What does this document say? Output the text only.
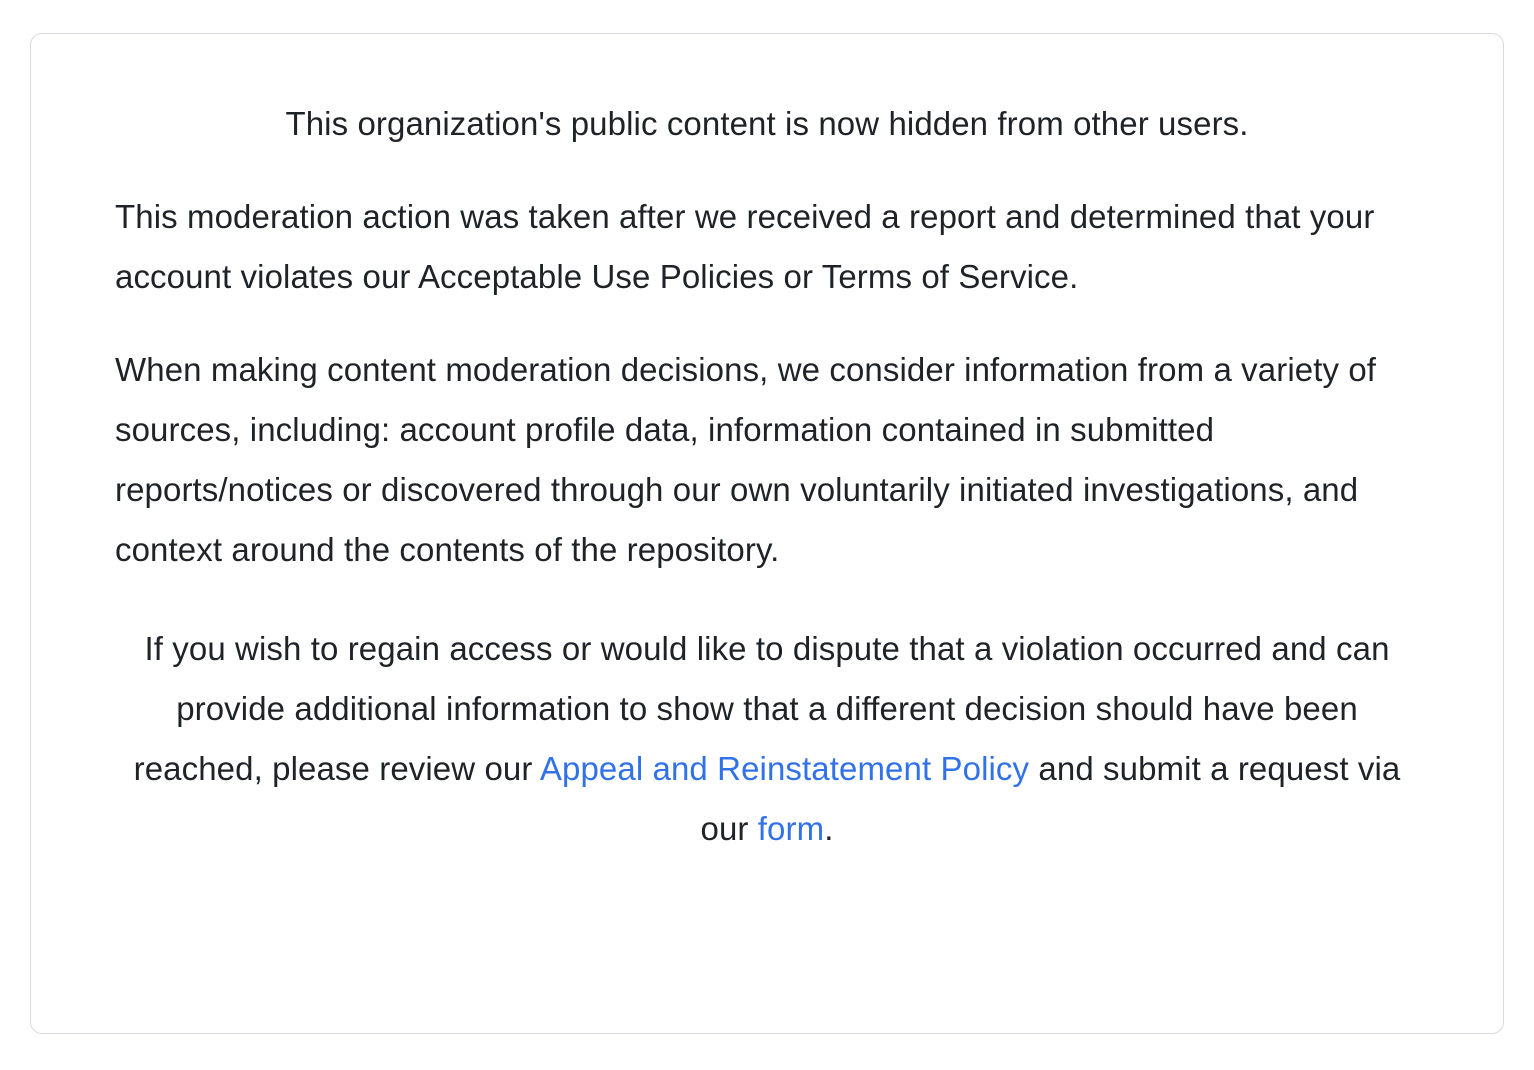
This organization's public content is now hidden from other users.
This moderation action was taken after we received a report and determined that your account violates our Acceptable Use Policies or Terms of Service.
When making content moderation decisions, we consider information from a variety of sources, including: account profile data, information contained in submitted reports/notices or discovered through our own voluntarily initiated investigations, and context around the contents of the repository.
If you wish to regain access or would like to dispute that a violation occurred and can provide additional information to show that a different decision should have been reached, please review our Appeal and Reinstatement Policy and submit a request via our form.
